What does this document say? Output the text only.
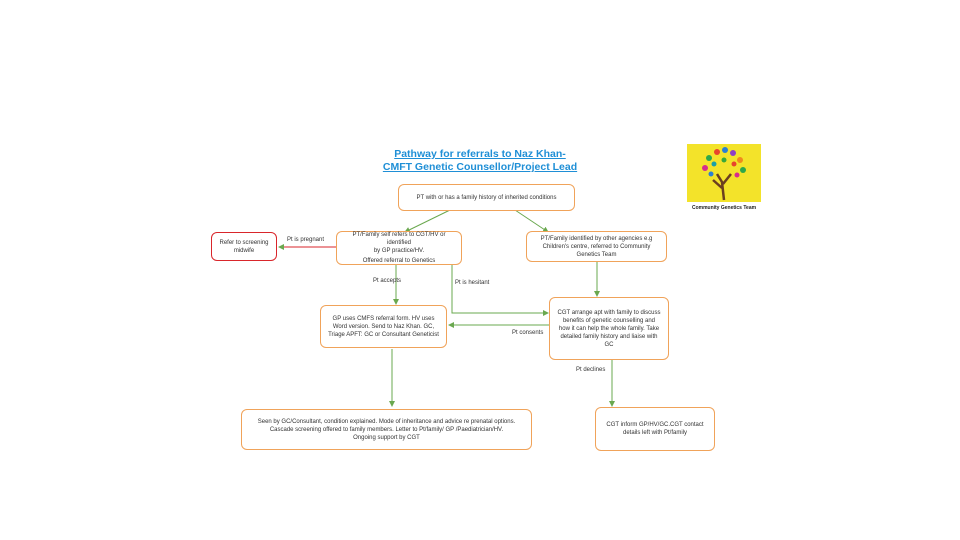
Pathway for referrals to Naz Khan-
CMFT Genetic Counsellor/Project Lead
Community Genetics Team
PT with or has a family history of inherited conditions
PT/Family self refers to CGT/HV or identified
by GP practice/HV.
Offered referral to Genetics
PT/Family identified by other agencies e.g
Children's centre, referred to Community
Genetics Team
Refer to screening
midwife
GP uses CMFS referral form. HV uses
Word version. Send to Naz Khan. GC,
Triage APFT: GC or Consultant Geneticist
CGT arrange apt with family to discuss
benefits of genetic counselling and
how it can help the whole family. Take
detailed family history and liaise with
GC
Seen by GC/Consultant, condition explained. Mode of inheritance and advice re prenatal options.
Cascade screening offered to family members. Letter to Pt/family/ GP /Paediatrician/HV.
Ongoing support by CGT
CGT inform GP/HV/GC.CGT contact
details left with Pt/family
Pt is pregnant
Pt accepts	Pt is hesitant
Pt consents
Pt declines
